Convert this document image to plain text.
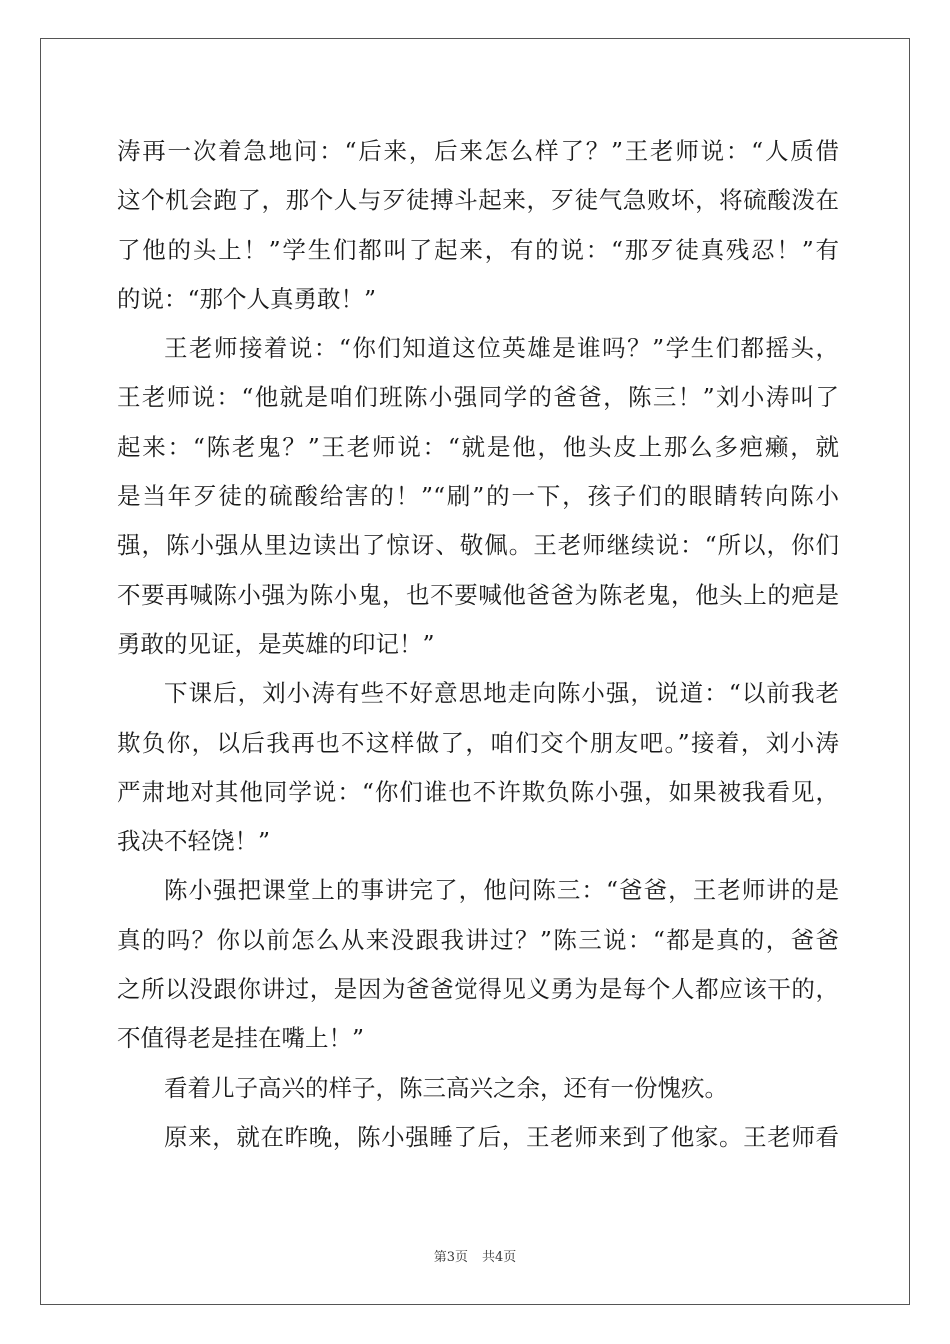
涛再一次着急地问：“后来，后来怎么样了？”王老师说：“人质借
这个机会跑了，那个人与歹徒搏斗起来，歹徒气急败坏，将硫酸泼在
了他的头上！”学生们都叫了起来，有的说：“那歹徒真残忍！”有
的说：“那个人真勇敢！”
王老师接着说：“你们知道这位英雄是谁吗？”学生们都摇头，
王老师说：“他就是咱们班陈小强同学的爸爸，陈三！”刘小涛叫了
起来：“陈老鬼？”王老师说：“就是他，他头皮上那么多疤癞，就
是当年歹徒的硫酸给害的！”“刷”的一下，孩子们的眼睛转向陈小
强，陈小强从里边读出了惊讶、敬佩。王老师继续说：“所以，你们
不要再喊陈小强为陈小鬼，也不要喊他爸爸为陈老鬼，他头上的疤是
勇敢的见证，是英雄的印记！”
下课后，刘小涛有些不好意思地走向陈小强，说道：“以前我老
欺负你，以后我再也不这样做了，咱们交个朋友吧。”接着，刘小涛
严肃地对其他同学说：“你们谁也不许欺负陈小强，如果被我看见，
我决不轻饶！”
陈小强把课堂上的事讲完了，他问陈三：“爸爸，王老师讲的是
真的吗？你以前怎么从来没跟我讲过？”陈三说：“都是真的，爸爸
之所以没跟你讲过，是因为爸爸觉得见义勇为是每个人都应该干的，
不值得老是挂在嘴上！”
看着儿子高兴的样子，陈三高兴之余，还有一份愧疚。
原来，就在昨晚，陈小强睡了后，王老师来到了他家。王老师看
第3页 共4页
